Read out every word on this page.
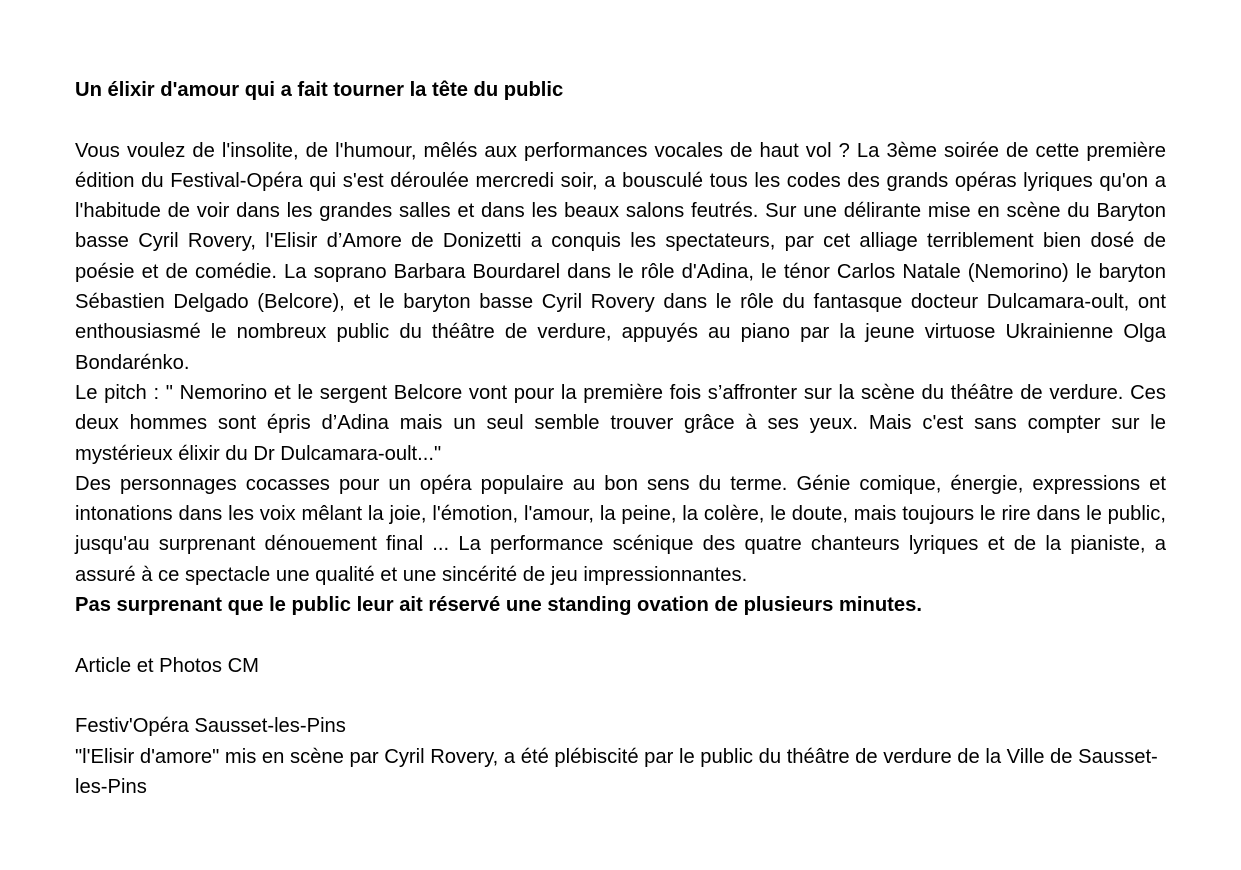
Un élixir d'amour qui a fait tourner la tête du public

Vous voulez de l'insolite, de l'humour, mêlés aux performances vocales de haut vol ? La 3ème soirée de cette première édition du Festival-Opéra qui s'est déroulée mercredi soir, a bousculé tous les codes des grands opéras lyriques qu'on a l'habitude de voir dans les grandes salles et dans les beaux salons feutrés. Sur une délirante mise en scène du Baryton basse Cyril Rovery, l'Elisir d’Amore de Donizetti a conquis les spectateurs, par cet alliage terriblement bien dosé de poésie et de comédie. La soprano Barbara Bourdarel dans le rôle d'Adina, le ténor Carlos Natale (Nemorino) le baryton Sébastien Delgado (Belcore), et le baryton basse Cyril Rovery dans le rôle du fantasque docteur Dulcamara-oult, ont enthousiasmé le nombreux public du théâtre de verdure, appuyés au piano par la jeune virtuose Ukrainienne Olga Bondarénko.

Le pitch : " Nemorino et le sergent Belcore vont pour la première fois s’affronter sur la scène du théâtre de verdure. Ces deux hommes sont épris d’Adina mais un seul semble trouver grâce à ses yeux. Mais c'est sans compter sur le mystérieux élixir du Dr Dulcamara-oult..."

Des personnages cocasses pour un opéra populaire au bon sens du terme. Génie comique, énergie, expressions et intonations dans les voix mêlant la joie, l'émotion, l'amour, la peine, la colère, le doute, mais toujours le rire dans le public, jusqu'au surprenant dénouement final ... La performance scénique des quatre chanteurs lyriques et de la pianiste, a assuré à ce spectacle une qualité et une sincérité de jeu impressionnantes.

Pas surprenant que le public leur ait réservé une standing ovation de plusieurs minutes.

Article et Photos CM

Festiv'Opéra Sausset-les-Pins

"l'Elisir d'amore" mis en scène par Cyril Rovery, a été plébiscité par le public du théâtre de verdure de la Ville de Sausset-les-Pins
